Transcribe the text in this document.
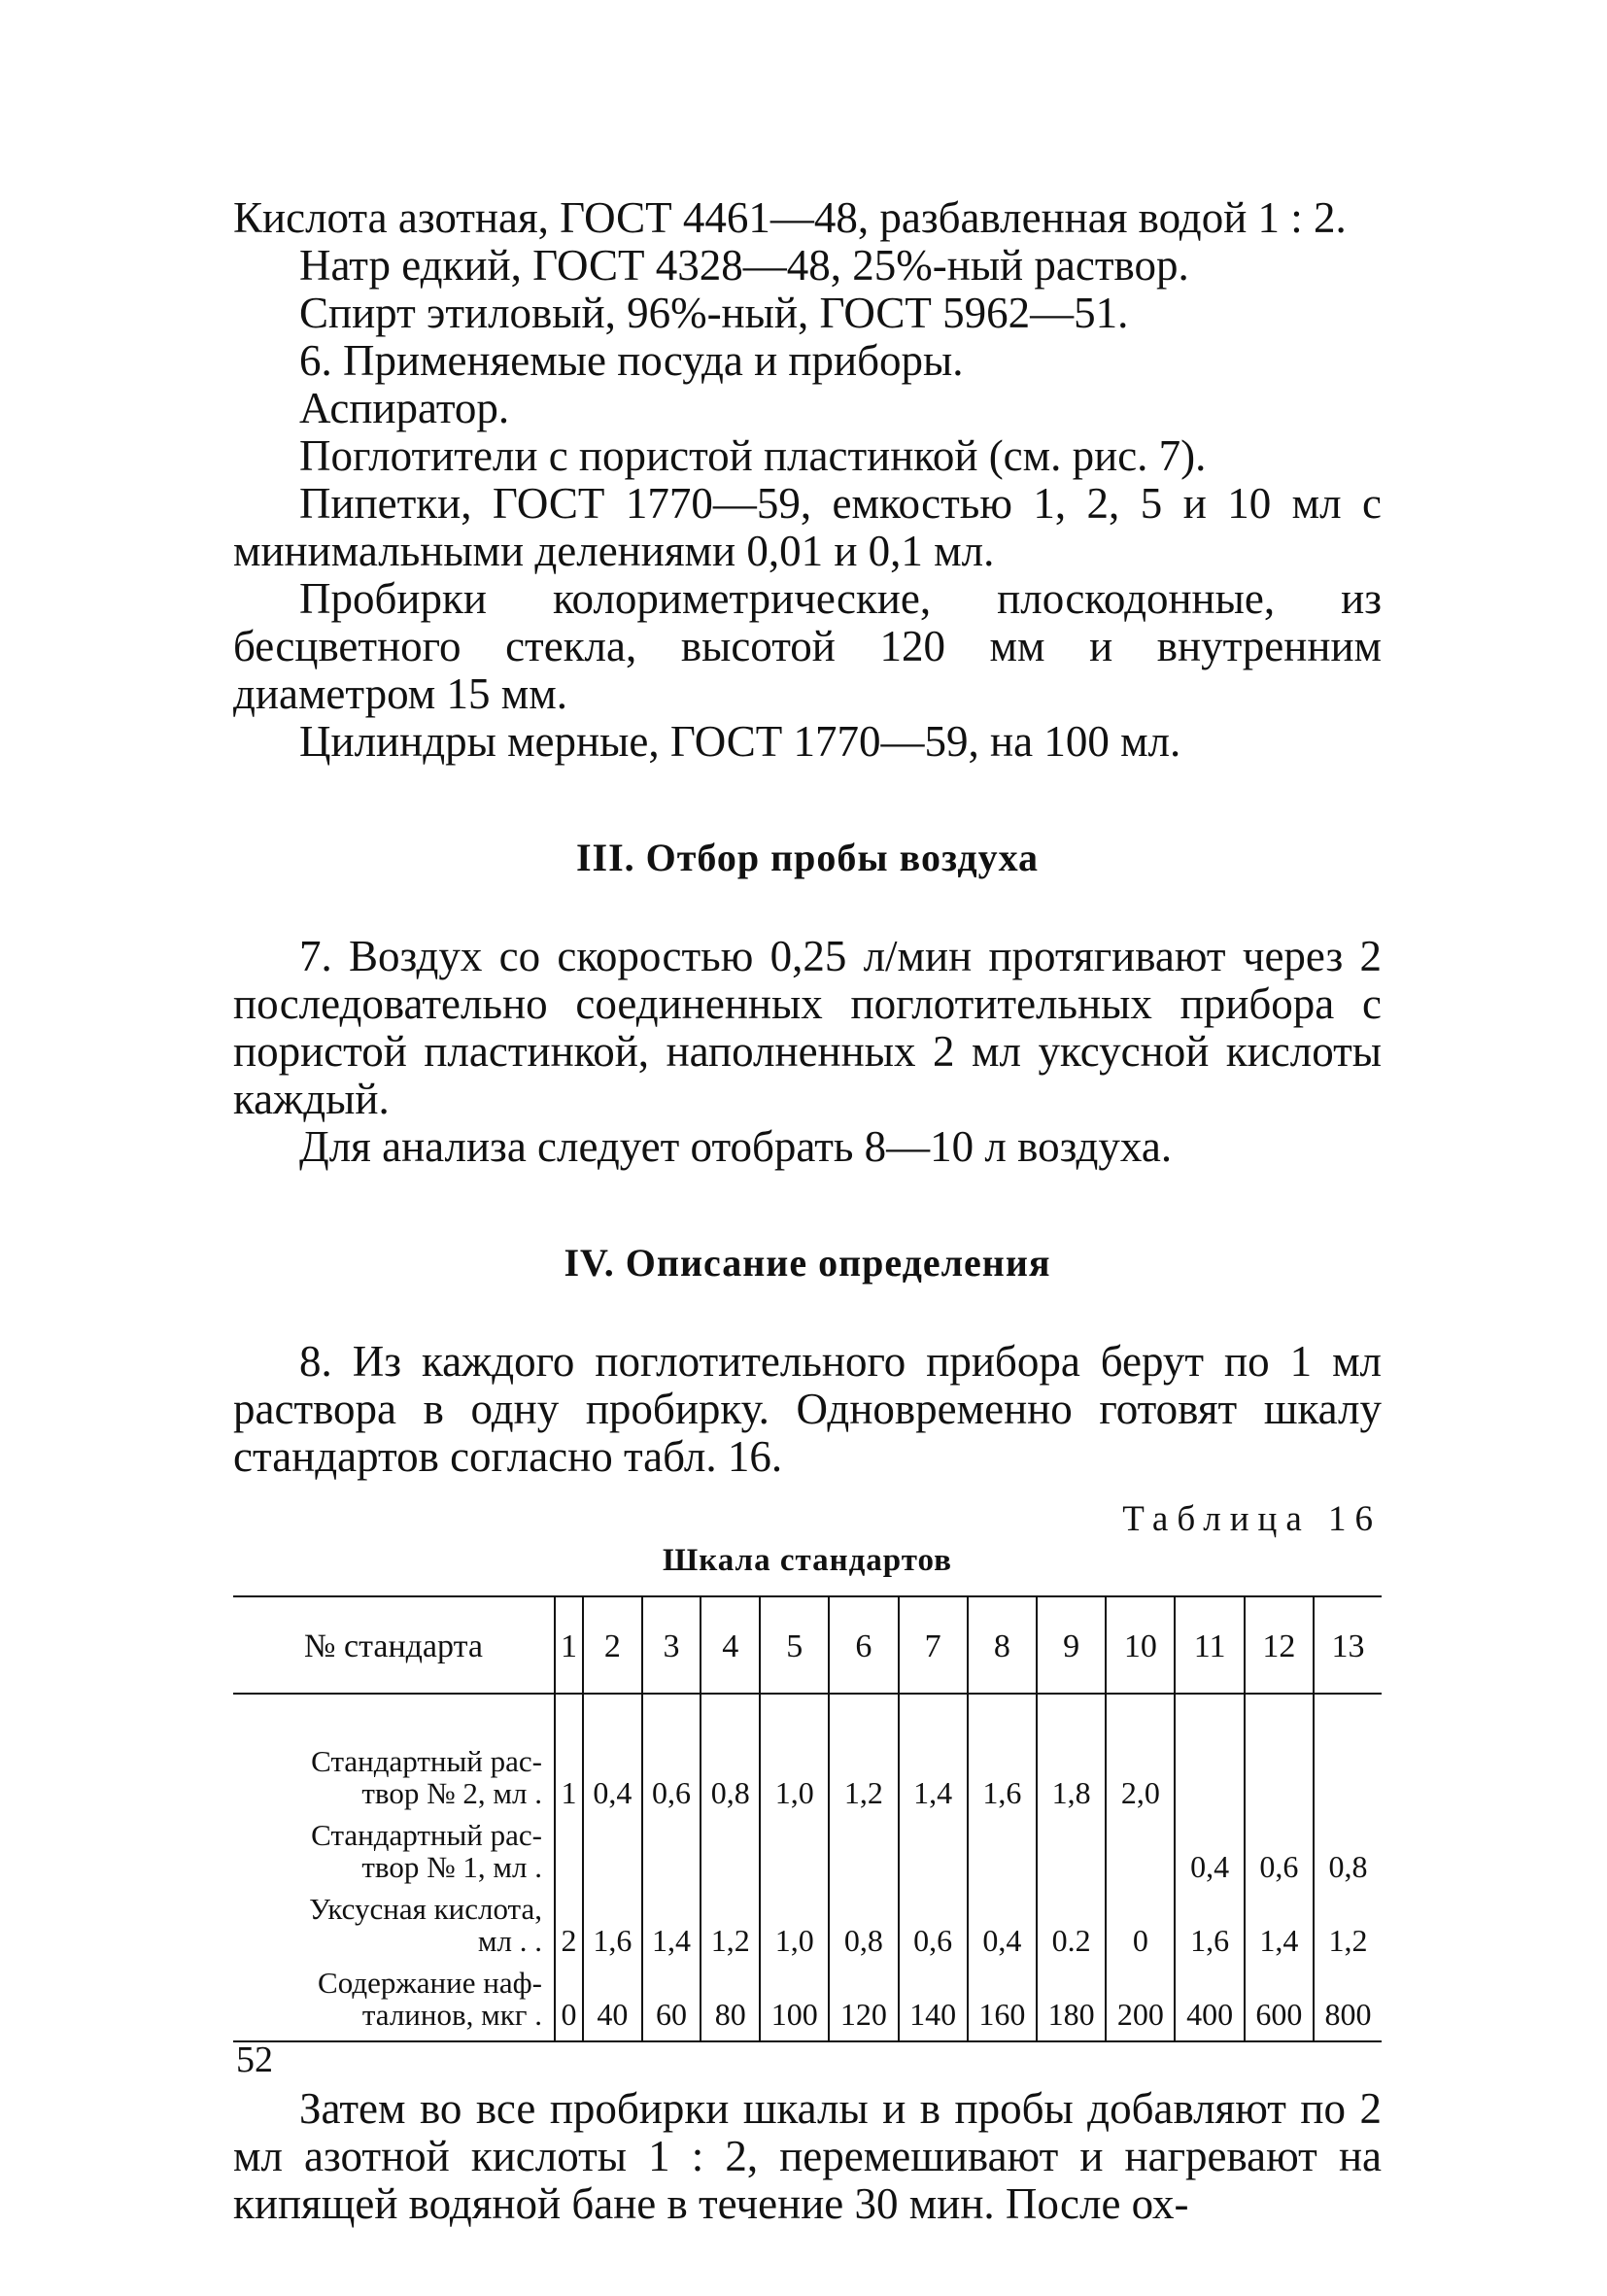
Кислота азотная, ГОСТ 4461—48, разбавленная водой 1 : 2.

Натр едкий, ГОСТ 4328—48, 25%-ный раствор.

Спирт этиловый, 96%-ный, ГОСТ 5962—51.

6. Применяемые посуда и приборы.

Аспиратор.

Поглотители с пористой пластинкой (см. рис. 7).

Пипетки, ГОСТ 1770—59, емкостью 1, 2, 5 и 10 мл с минимальными делениями 0,01 и 0,1 мл.

Пробирки колориметрические, плоскодонные, из бесцветного стекла, высотой 120 мм и внутренним диаметром 15 мм.

Цилиндры мерные, ГОСТ 1770—59, на 100 мл.

III. Отбор пробы воздуха

7. Воздух со скоростью 0,25 л/мин протягивают через 2 последовательно соединенных поглотительных прибора с пористой пластинкой, наполненных 2 мл уксусной кислоты каждый.

Для анализа следует отобрать 8—10 л воздуха.

IV. Описание определения

8. Из каждого поглотительного прибора берут по 1 мл раствора в одну пробирку. Одновременно готовят шкалу стандартов согласно табл. 16.

Таблица 16
Шкала стандартов
№ стандарта	1	2	3	4	5	6	7	8	9	10	11	12	13

Стандартный рас-
твор № 2, мл .	1	0,4	0,6	0,8	1,0	1,2	1,4	1,6	1,8	2,0			

Стандартный рас-
твор № 1, мл .											0,4	0,6	0,8

Уксусная кислота,
мл . .	2	1,6	1,4	1,2	1,0	0,8	0,6	0,4	0.2	0	1,6	1,4	1,2

Содержание наф-
талинов, мкг .	0	40	60	80	100	120	140	160	180	200	400	600	800

Затем во все пробирки шкалы и в пробы добавляют по 2 мл азотной кислоты 1 : 2, перемешивают и нагревают на кипящей водяной бане в течение 30 мин. После ох-

52
